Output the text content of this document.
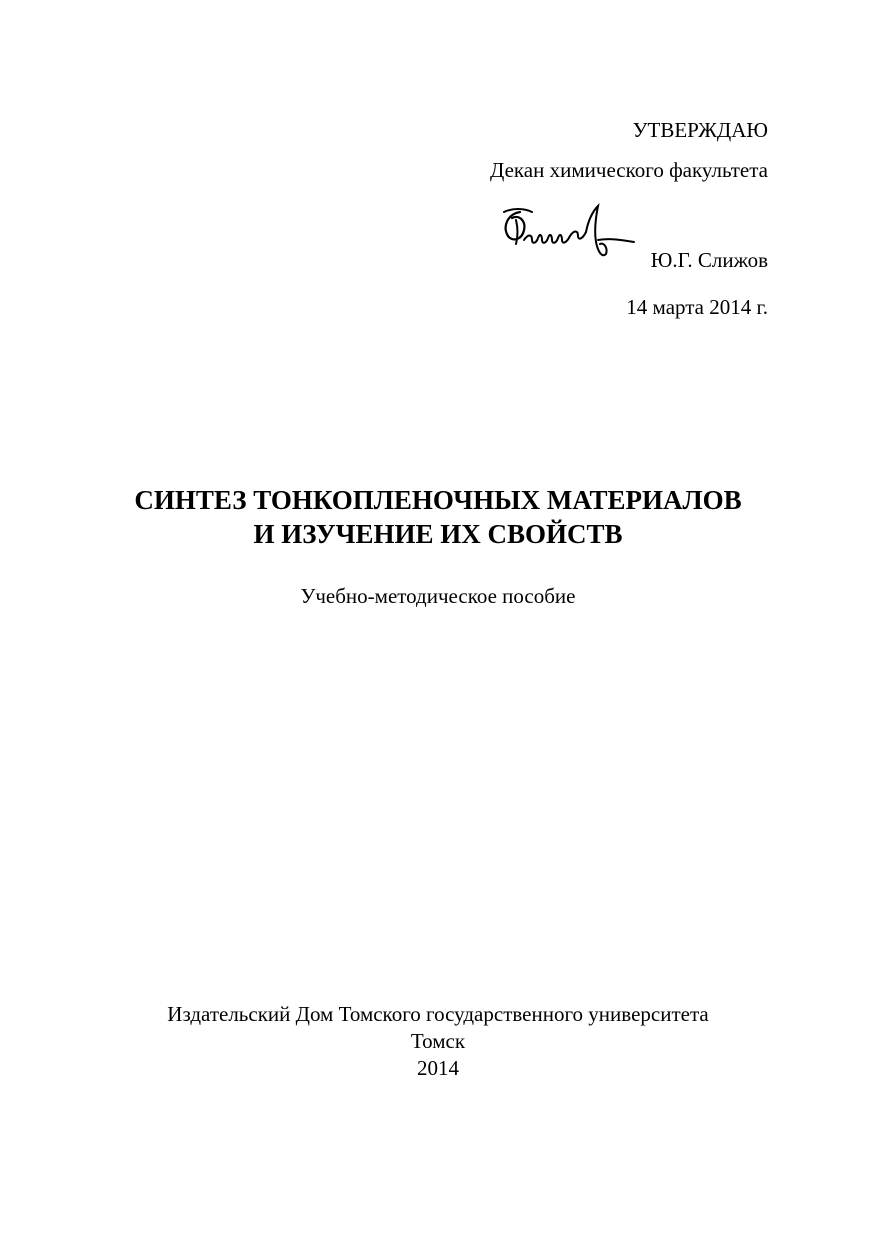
УТВЕРЖДАЮ
Декан химического факультета
Ю.Г. Слижов
14 марта 2014 г.
СИНТЕЗ ТОНКОПЛЕНОЧНЫХ МАТЕРИАЛОВ
И ИЗУЧЕНИЕ ИХ СВОЙСТВ
Учебно-методическое пособие
Издательский Дом Томского государственного университета
Томск
2014
